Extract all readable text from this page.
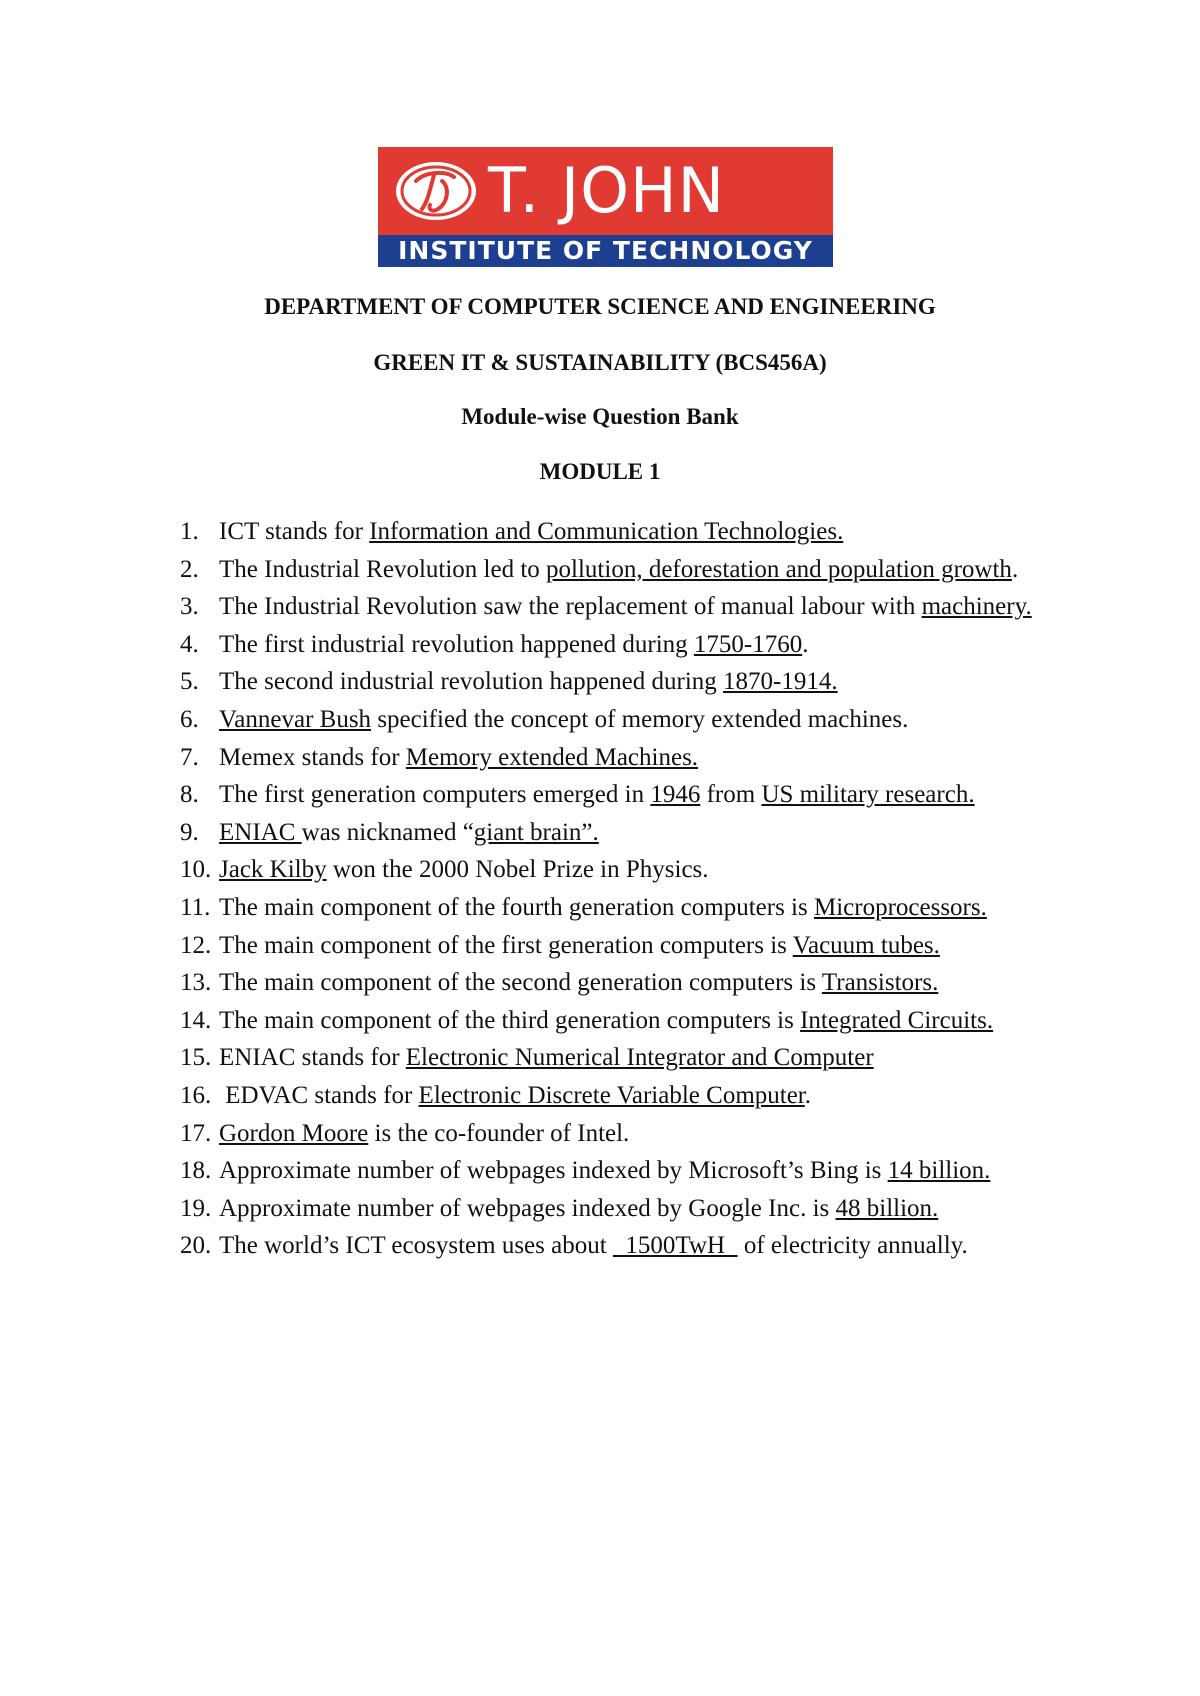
T. JOHN
INSTITUTE OF TECHNOLOGY
DEPARTMENT OF COMPUTER SCIENCE AND ENGINEERING
GREEN IT & SUSTAINABILITY (BCS456A)
Module-wise Question Bank
MODULE 1
1. ICT stands for Information and Communication Technologies.
2. The Industrial Revolution led to pollution, deforestation and population growth.
3. The Industrial Revolution saw the replacement of manual labour with machinery.
4. The first industrial revolution happened during 1750-1760.
5. The second industrial revolution happened during 1870-1914.
6. Vannevar Bush specified the concept of memory extended machines.
7. Memex stands for Memory extended Machines.
8. The first generation computers emerged in 1946 from US military research.
9. ENIAC was nicknamed “giant brain”.
10. Jack Kilby won the 2000 Nobel Prize in Physics.
11. The main component of the fourth generation computers is Microprocessors.
12. The main component of the first generation computers is Vacuum tubes.
13. The main component of the second generation computers is Transistors.
14. The main component of the third generation computers is Integrated Circuits.
15. ENIAC stands for Electronic Numerical Integrator and Computer
16. EDVAC stands for Electronic Discrete Variable Computer.
17. Gordon Moore is the co-founder of Intel.
18. Approximate number of webpages indexed by Microsoft’s Bing is 14 billion.
19. Approximate number of webpages indexed by Google Inc. is 48 billion.
20. The world’s ICT ecosystem uses about   1500TwH   of electricity annually.
